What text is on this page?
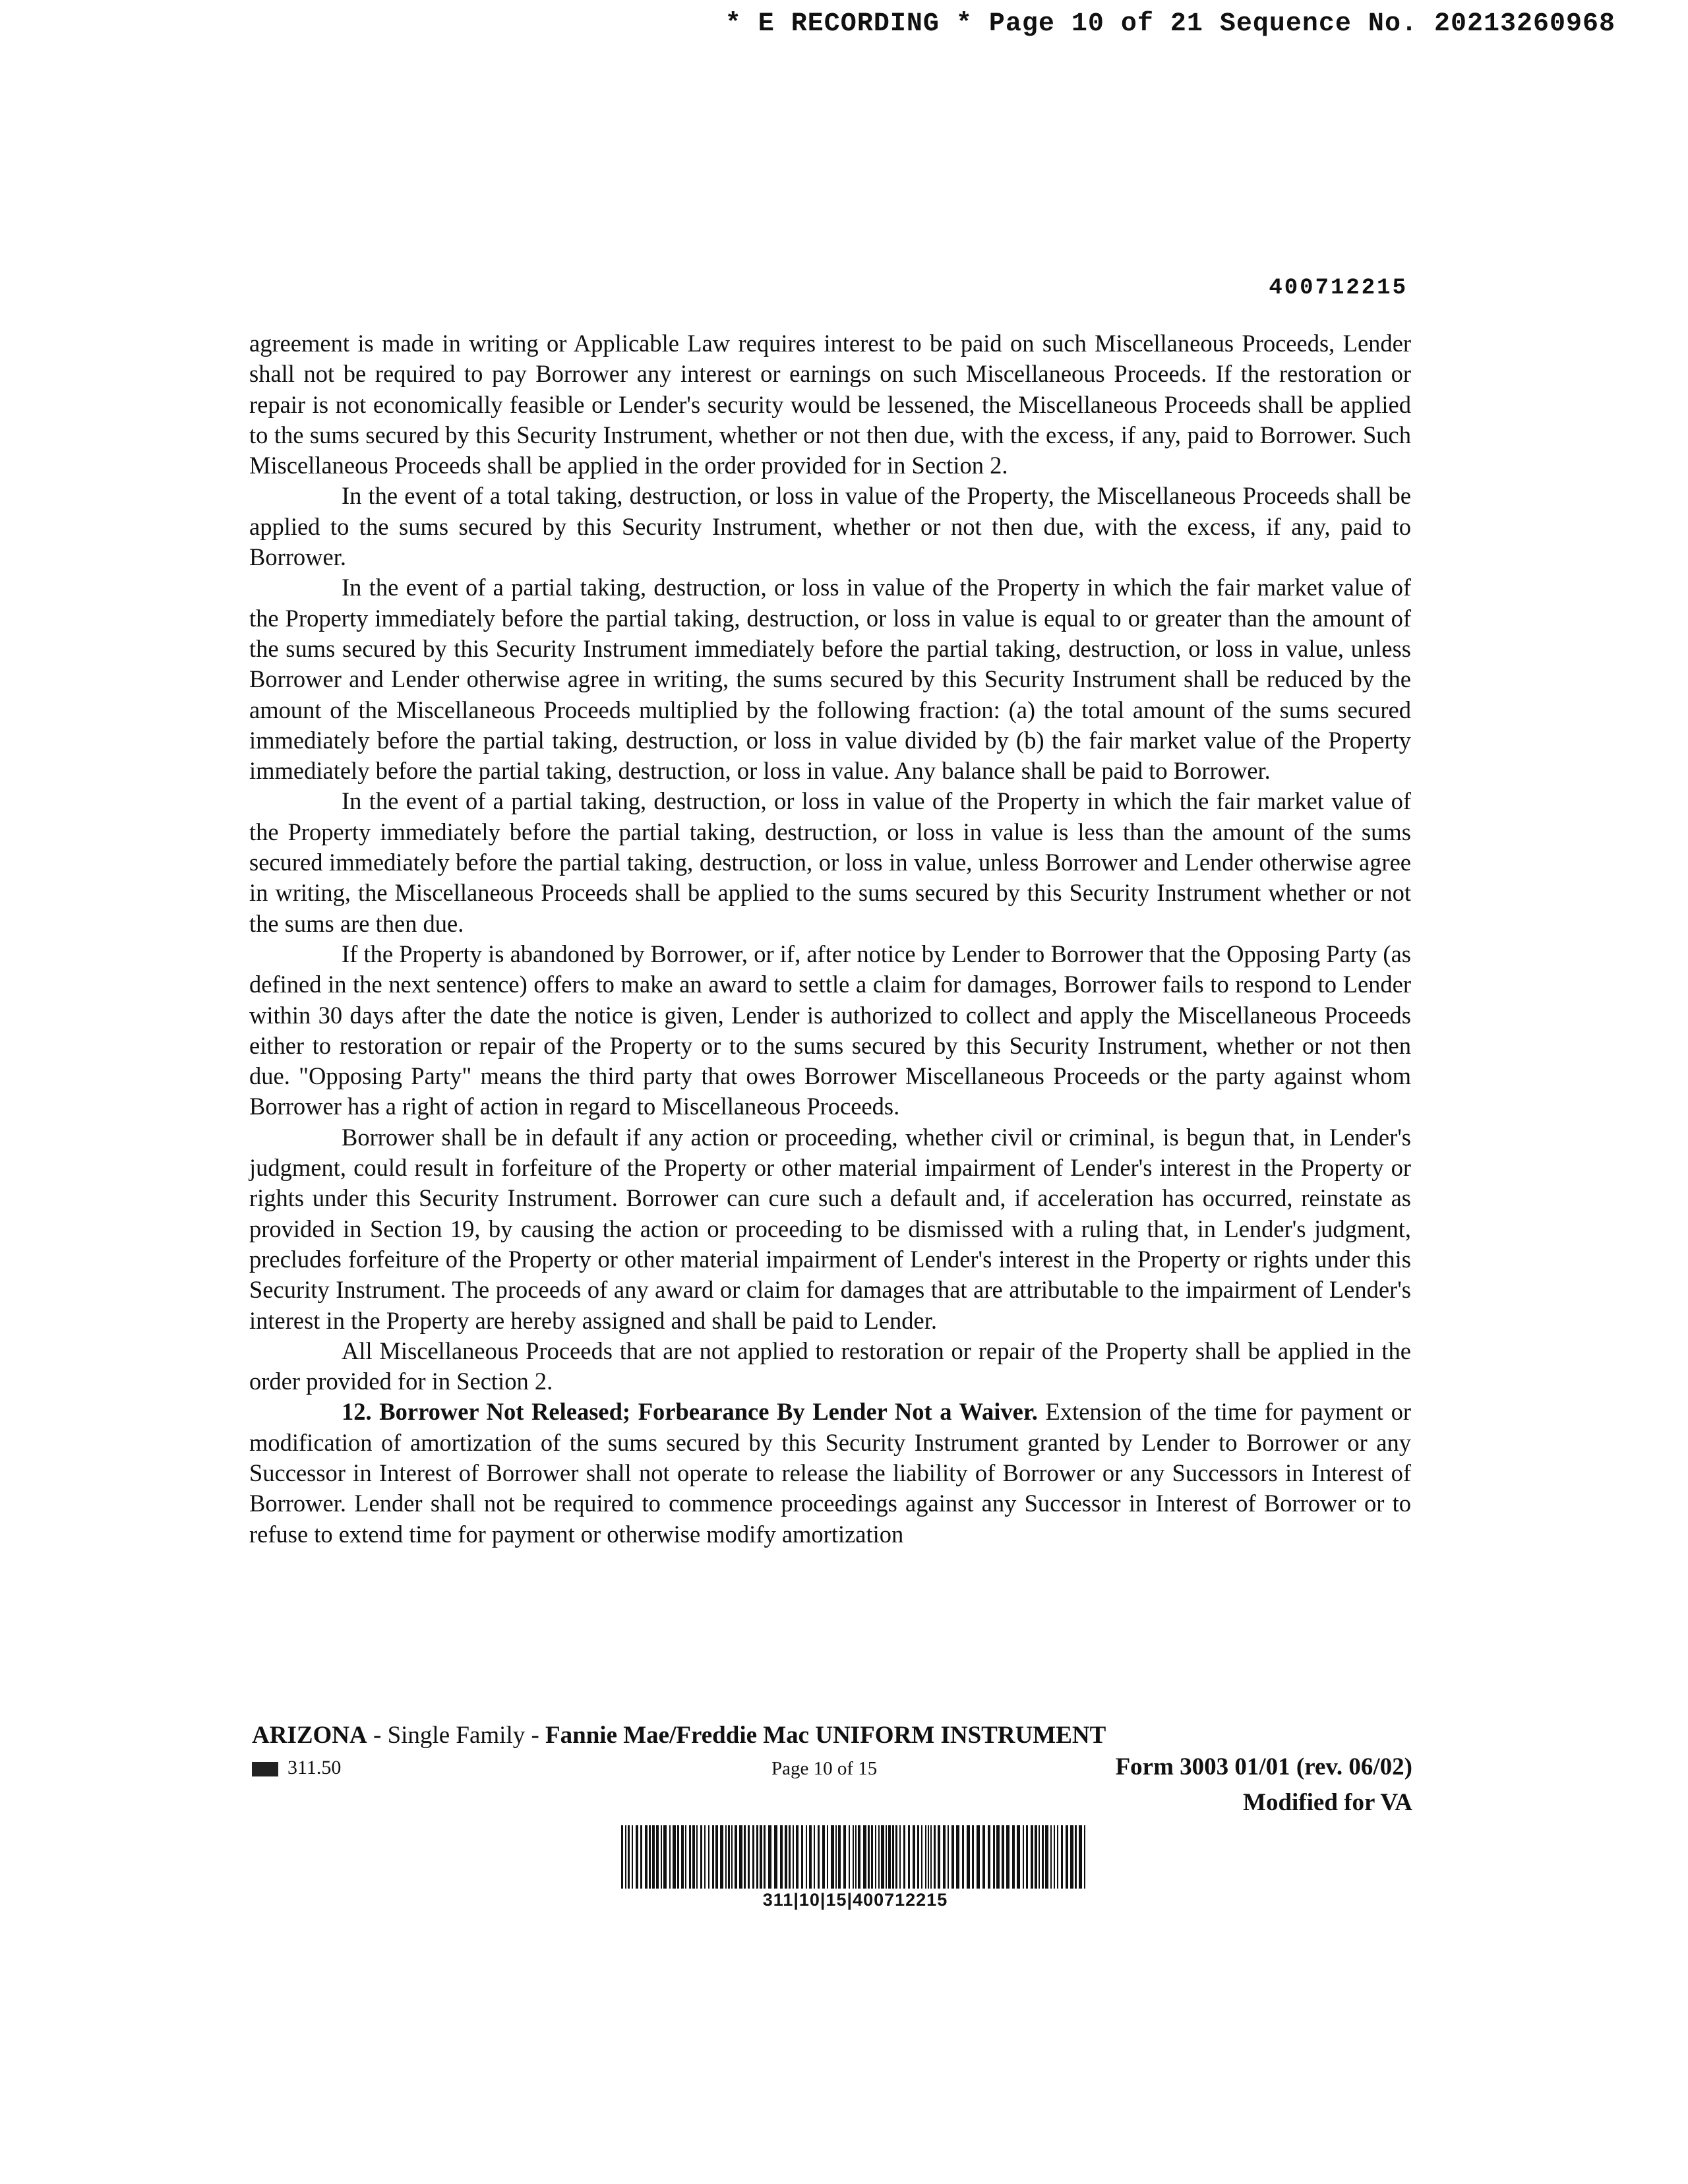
* E RECORDING * Page 10 of 21 Sequence No. 20213260968
400712215

agreement is made in writing or Applicable Law requires interest to be paid on such Miscellaneous Proceeds, Lender shall not be required to pay Borrower any interest or earnings on such Miscellaneous Proceeds. If the restoration or repair is not economically feasible or Lender's security would be lessened, the Miscellaneous Proceeds shall be applied to the sums secured by this Security Instrument, whether or not then due, with the excess, if any, paid to Borrower. Such Miscellaneous Proceeds shall be applied in the order provided for in Section 2.

In the event of a total taking, destruction, or loss in value of the Property, the Miscellaneous Proceeds shall be applied to the sums secured by this Security Instrument, whether or not then due, with the excess, if any, paid to Borrower.

In the event of a partial taking, destruction, or loss in value of the Property in which the fair market value of the Property immediately before the partial taking, destruction, or loss in value is equal to or greater than the amount of the sums secured by this Security Instrument immediately before the partial taking, destruction, or loss in value, unless Borrower and Lender otherwise agree in writing, the sums secured by this Security Instrument shall be reduced by the amount of the Miscellaneous Proceeds multiplied by the following fraction: (a) the total amount of the sums secured immediately before the partial taking, destruction, or loss in value divided by (b) the fair market value of the Property immediately before the partial taking, destruction, or loss in value. Any balance shall be paid to Borrower.

In the event of a partial taking, destruction, or loss in value of the Property in which the fair market value of the Property immediately before the partial taking, destruction, or loss in value is less than the amount of the sums secured immediately before the partial taking, destruction, or loss in value, unless Borrower and Lender otherwise agree in writing, the Miscellaneous Proceeds shall be applied to the sums secured by this Security Instrument whether or not the sums are then due.

If the Property is abandoned by Borrower, or if, after notice by Lender to Borrower that the Opposing Party (as defined in the next sentence) offers to make an award to settle a claim for damages, Borrower fails to respond to Lender within 30 days after the date the notice is given, Lender is authorized to collect and apply the Miscellaneous Proceeds either to restoration or repair of the Property or to the sums secured by this Security Instrument, whether or not then due. "Opposing Party" means the third party that owes Borrower Miscellaneous Proceeds or the party against whom Borrower has a right of action in regard to Miscellaneous Proceeds.

Borrower shall be in default if any action or proceeding, whether civil or criminal, is begun that, in Lender's judgment, could result in forfeiture of the Property or other material impairment of Lender's interest in the Property or rights under this Security Instrument. Borrower can cure such a default and, if acceleration has occurred, reinstate as provided in Section 19, by causing the action or proceeding to be dismissed with a ruling that, in Lender's judgment, precludes forfeiture of the Property or other material impairment of Lender's interest in the Property or rights under this Security Instrument. The proceeds of any award or claim for damages that are attributable to the impairment of Lender's interest in the Property are hereby assigned and shall be paid to Lender.

All Miscellaneous Proceeds that are not applied to restoration or repair of the Property shall be applied in the order provided for in Section 2.

12. Borrower Not Released; Forbearance By Lender Not a Waiver. Extension of the time for payment or modification of amortization of the sums secured by this Security Instrument granted by Lender to Borrower or any Successor in Interest of Borrower shall not operate to release the liability of Borrower or any Successors in Interest of Borrower. Lender shall not be required to commence proceedings against any Successor in Interest of Borrower or to refuse to extend time for payment or otherwise modify amortization

ARIZONA - Single Family - Fannie Mae/Freddie Mac UNIFORM INSTRUMENT
311.50	Page 10 of 15	Form 3003 01/01 (rev. 06/02)
Modified for VA
311|10|15|400712215
